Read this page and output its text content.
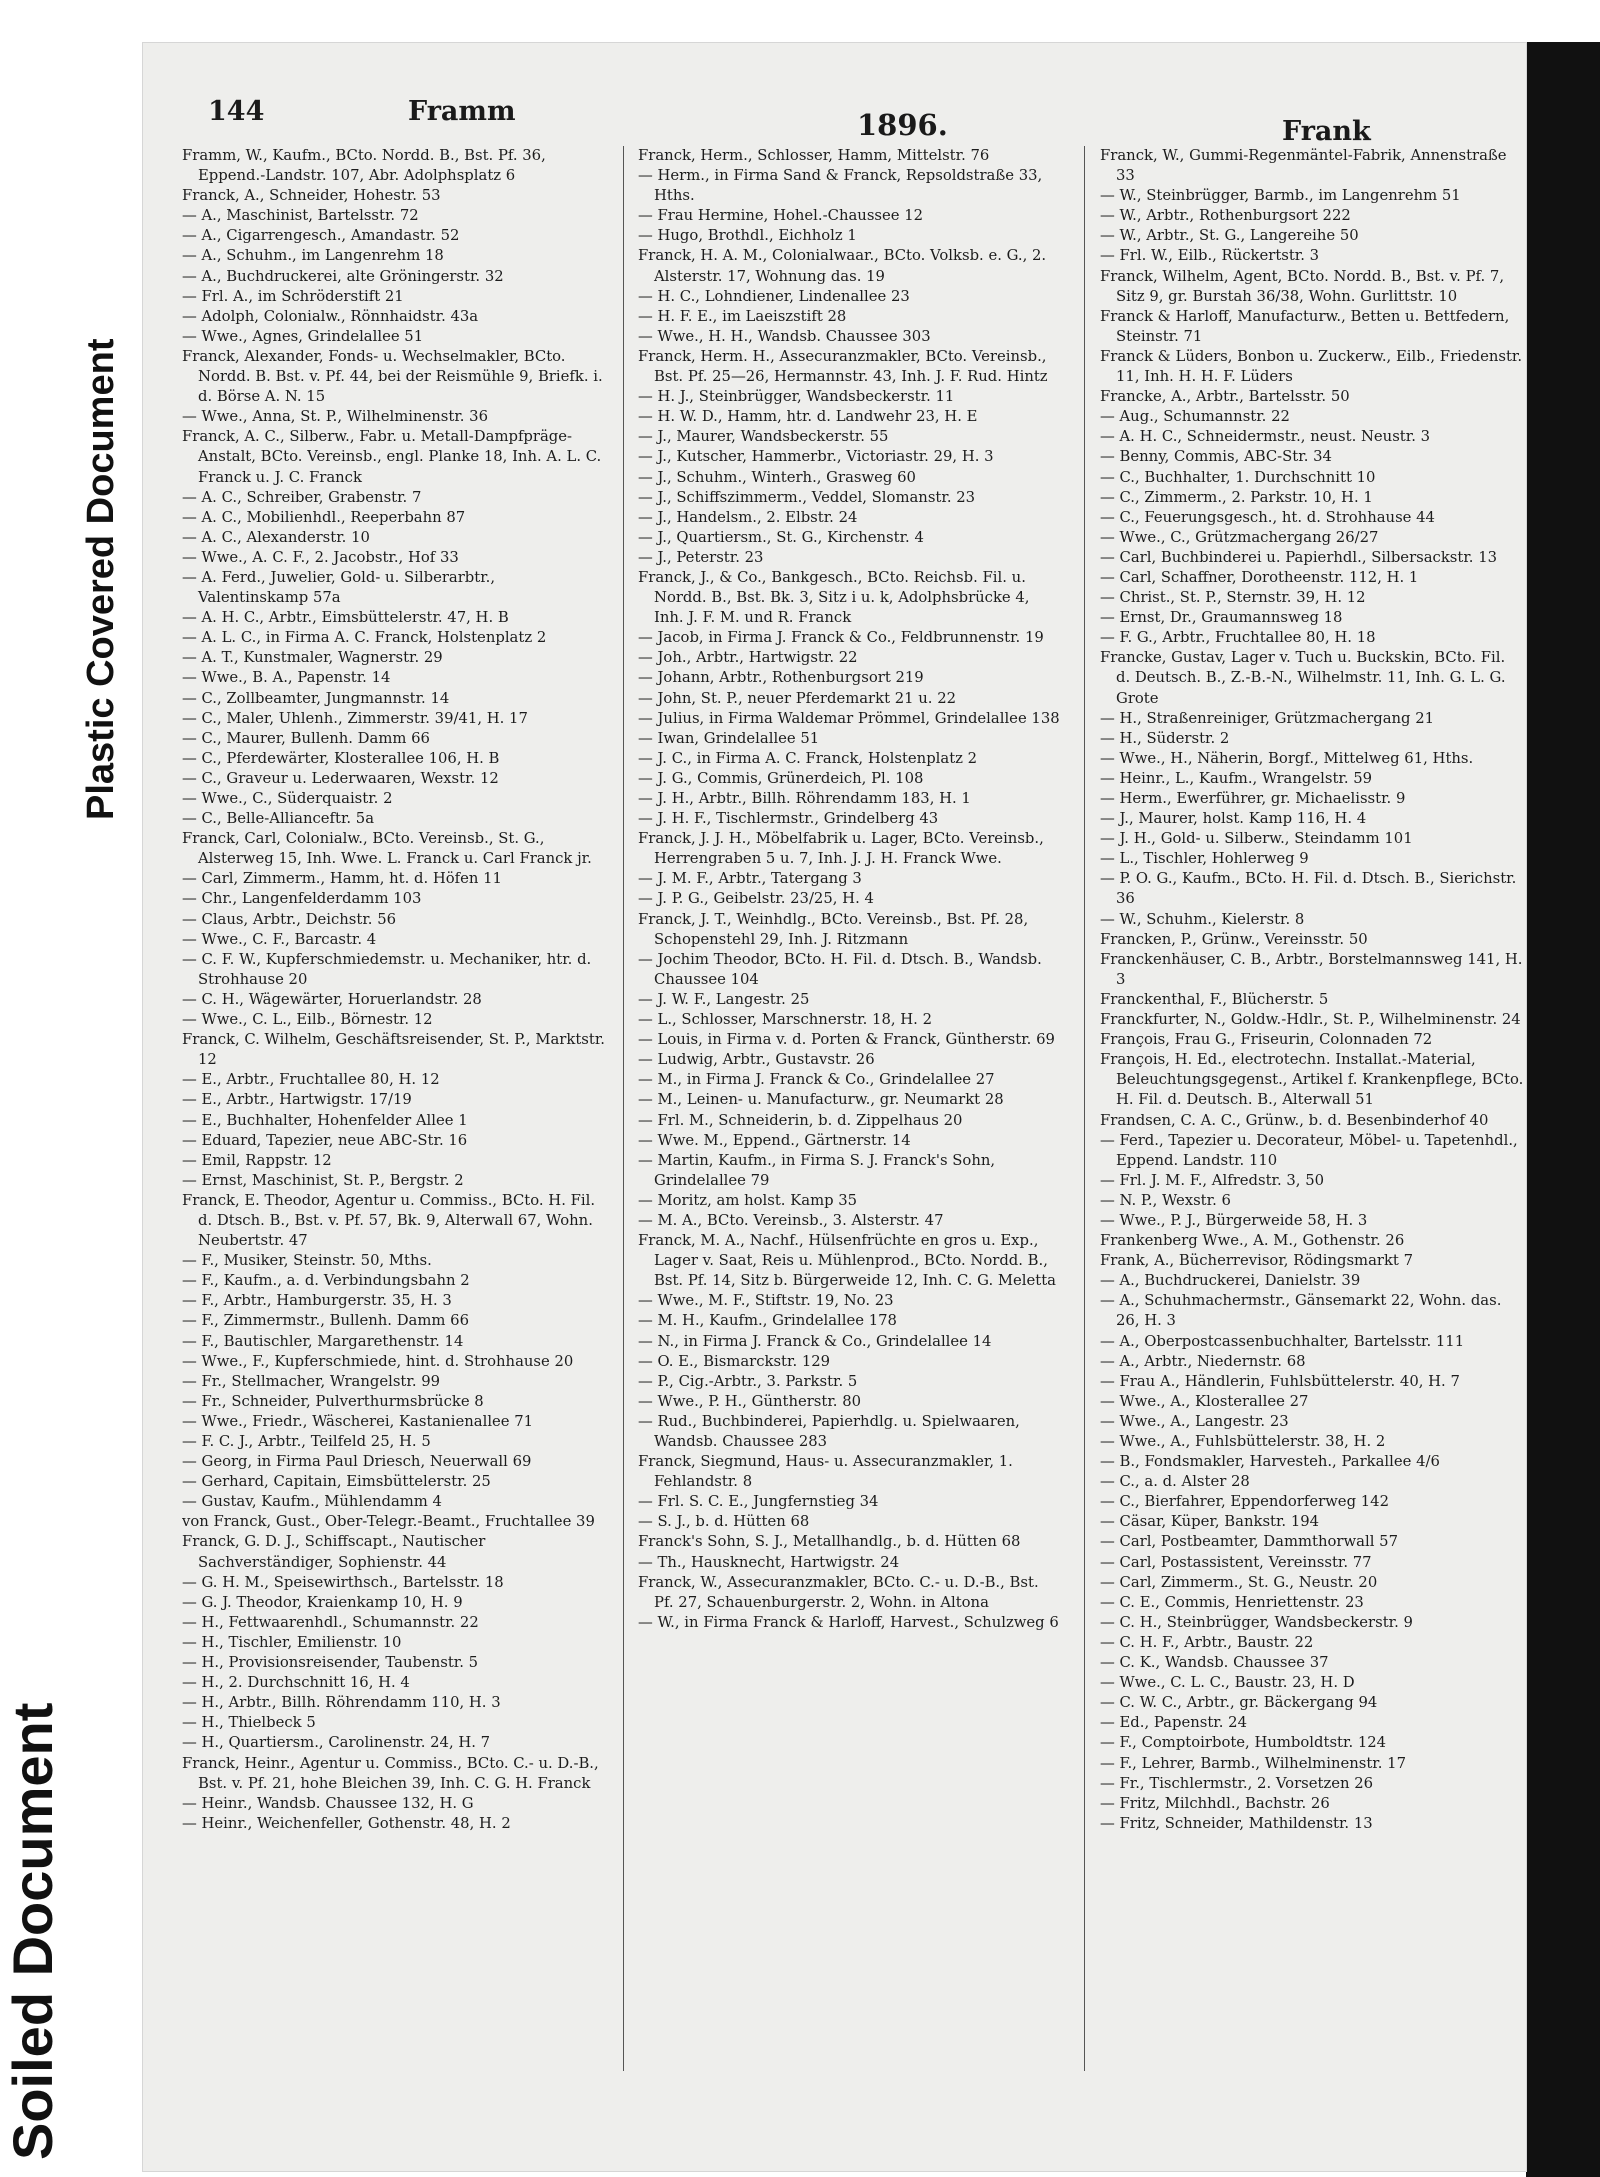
Soiled Document
Plastic Covered Document
144	Framm	1896.	Frank

Framm, W., Kaufm., BCto. Nordd. B., Bst. Pf. 36, Eppend.-Landstr. 107, Abr. Adolphsplatz 6

Franck, A., Schneider, Hohestr. 53

— A., Maschinist, Bartelsstr. 72

— A., Cigarrengesch., Amandastr. 52

— A., Schuhm., im Langenrehm 18

— A., Buchdruckerei, alte Gröningerstr. 32

— Frl. A., im Schröderstift 21

— Adolph, Colonialw., Rönnhaidstr. 43a

— Wwe., Agnes, Grindelallee 51

Franck, Alexander, Fonds- u. Wechselmakler, BCto. Nordd. B. Bst. v. Pf. 44, bei der Reismühle 9, Briefk. i. d. Börse A. N. 15

— Wwe., Anna, St. P., Wilhelminenstr. 36

Franck, A. C., Silberw., Fabr. u. Metall-Dampfpräge-Anstalt, BCto. Vereinsb., engl. Planke 18, Inh. A. L. C. Franck u. J. C. Franck

— A. C., Schreiber, Grabenstr. 7

— A. C., Mobilienhdl., Reeperbahn 87

— A. C., Alexanderstr. 10

— Wwe., A. C. F., 2. Jacobstr., Hof 33

— A. Ferd., Juwelier, Gold- u. Silberarbtr., Valentinskamp 57a

— A. H. C., Arbtr., Eimsbüttelerstr. 47, H. B

— A. L. C., in Firma A. C. Franck, Holstenplatz 2

— A. T., Kunstmaler, Wagnerstr. 29

— Wwe., B. A., Papenstr. 14

— C., Zollbeamter, Jungmannstr. 14

— C., Maler, Uhlenh., Zimmerstr. 39/41, H. 17

— C., Maurer, Bullenh. Damm 66

— C., Pferdewärter, Klosterallee 106, H. B

— C., Graveur u. Lederwaaren, Wexstr. 12

— Wwe., C., Süderquaistr. 2

— C., Belle-Allianceftr. 5a

Franck, Carl, Colonialw., BCto. Vereinsb., St. G., Alsterweg 15, Inh. Wwe. L. Franck u. Carl Franck jr.

— Carl, Zimmerm., Hamm, ht. d. Höfen 11

— Chr., Langenfelderdamm 103

— Claus, Arbtr., Deichstr. 56

— Wwe., C. F., Barcastr. 4

— C. F. W., Kupferschmiedemstr. u. Mechaniker, htr. d. Strohhause 20

— C. H., Wägewärter, Horuerlandstr. 28

— Wwe., C. L., Eilb., Börnestr. 12

Franck, C. Wilhelm, Geschäftsreisender, St. P., Marktstr. 12

— E., Arbtr., Fruchtallee 80, H. 12

— E., Arbtr., Hartwigstr. 17/19

— E., Buchhalter, Hohenfelder Allee 1

— Eduard, Tapezier, neue ABC-Str. 16

— Emil, Rappstr. 12

— Ernst, Maschinist, St. P., Bergstr. 2

Franck, E. Theodor, Agentur u. Commiss., BCto. H. Fil. d. Dtsch. B., Bst. v. Pf. 57, Bk. 9, Alterwall 67, Wohn. Neubertstr. 47

— F., Musiker, Steinstr. 50, Mths.

— F., Kaufm., a. d. Verbindungsbahn 2

— F., Arbtr., Hamburgerstr. 35, H. 3

— F., Zimmermstr., Bullenh. Damm 66

— F., Bautischler, Margarethenstr. 14

— Wwe., F., Kupferschmiede, hint. d. Strohhause 20

— Fr., Stellmacher, Wrangelstr. 99

— Fr., Schneider, Pulverthurmsbrücke 8

— Wwe., Friedr., Wäscherei, Kastanienallee 71

— F. C. J., Arbtr., Teilfeld 25, H. 5

— Georg, in Firma Paul Driesch, Neuerwall 69

— Gerhard, Capitain, Eimsbüttelerstr. 25

— Gustav, Kaufm., Mühlendamm 4

von Franck, Gust., Ober-Telegr.-Beamt., Fruchtallee 39

Franck, G. D. J., Schiffscapt., Nautischer Sachverständiger, Sophienstr. 44

— G. H. M., Speisewirthsch., Bartelsstr. 18

— G. J. Theodor, Kraienkamp 10, H. 9

— H., Fettwaarenhdl., Schumannstr. 22

— H., Tischler, Emilienstr. 10

— H., Provisionsreisender, Taubenstr. 5

— H., 2. Durchschnitt 16, H. 4

— H., Arbtr., Billh. Röhrendamm 110, H. 3

— H., Thielbeck 5

— H., Quartiersm., Carolinenstr. 24, H. 7

Franck, Heinr., Agentur u. Commiss., BCto. C.- u. D.-B., Bst. v. Pf. 21, hohe Bleichen 39, Inh. C. G. H. Franck

— Heinr., Wandsb. Chaussee 132, H. G

— Heinr., Weichenfeller, Gothenstr. 48, H. 2

Franck, Herm., Schlosser, Hamm, Mittelstr. 76

— Herm., in Firma Sand & Franck, Repsoldstraße 33, Hths.

— Frau Hermine, Hohel.-Chaussee 12

— Hugo, Brothdl., Eichholz 1

Franck, H. A. M., Colonialwaar., BCto. Volksb. e. G., 2. Alsterstr. 17, Wohnung das. 19

— H. C., Lohndiener, Lindenallee 23

— H. F. E., im Laeiszstift 28

— Wwe., H. H., Wandsb. Chaussee 303

Franck, Herm. H., Assecuranzmakler, BCto. Vereinsb., Bst. Pf. 25—26, Hermannstr. 43, Inh. J. F. Rud. Hintz

— H. J., Steinbrügger, Wandsbeckerstr. 11

— H. W. D., Hamm, htr. d. Landwehr 23, H. E

— J., Maurer, Wandsbeckerstr. 55

— J., Kutscher, Hammerbr., Victoriastr. 29, H. 3

— J., Schuhm., Winterh., Grasweg 60

— J., Schiffszimmerm., Veddel, Slomanstr. 23

— J., Handelsm., 2. Elbstr. 24

— J., Quartiersm., St. G., Kirchenstr. 4

— J., Peterstr. 23

Franck, J., & Co., Bankgesch., BCto. Reichsb. Fil. u. Nordd. B., Bst. Bk. 3, Sitz i u. k, Adolphsbrücke 4, Inh. J. F. M. und R. Franck

— Jacob, in Firma J. Franck & Co., Feldbrunnenstr. 19

— Joh., Arbtr., Hartwigstr. 22

— Johann, Arbtr., Rothenburgsort 219

— John, St. P., neuer Pferdemarkt 21 u. 22

— Julius, in Firma Waldemar Prömmel, Grindelallee 138

— Iwan, Grindelallee 51

— J. C., in Firma A. C. Franck, Holstenplatz 2

— J. G., Commis, Grünerdeich, Pl. 108

— J. H., Arbtr., Billh. Röhrendamm 183, H. 1

— J. H. F., Tischlermstr., Grindelberg 43

Franck, J. J. H., Möbelfabrik u. Lager, BCto. Vereinsb., Herrengraben 5 u. 7, Inh. J. J. H. Franck Wwe.

— J. M. F., Arbtr., Tatergang 3

— J. P. G., Geibelstr. 23/25, H. 4

Franck, J. T., Weinhdlg., BCto. Vereinsb., Bst. Pf. 28, Schopenstehl 29, Inh. J. Ritzmann

— Jochim Theodor, BCto. H. Fil. d. Dtsch. B., Wandsb. Chaussee 104

— J. W. F., Langestr. 25

— L., Schlosser, Marschnerstr. 18, H. 2

— Louis, in Firma v. d. Porten & Franck, Güntherstr. 69

— Ludwig, Arbtr., Gustavstr. 26

— M., in Firma J. Franck & Co., Grindelallee 27

— M., Leinen- u. Manufacturw., gr. Neumarkt 28

— Frl. M., Schneiderin, b. d. Zippelhaus 20

— Wwe. M., Eppend., Gärtnerstr. 14

— Martin, Kaufm., in Firma S. J. Franck's Sohn, Grindelallee 79

— Moritz, am holst. Kamp 35

— M. A., BCto. Vereinsb., 3. Alsterstr. 47

Franck, M. A., Nachf., Hülsenfrüchte en gros u. Exp., Lager v. Saat, Reis u. Mühlenprod., BCto. Nordd. B., Bst. Pf. 14, Sitz b. Bürgerweide 12, Inh. C. G. Meletta

— Wwe., M. F., Stiftstr. 19, No. 23

— M. H., Kaufm., Grindelallee 178

— N., in Firma J. Franck & Co., Grindelallee 14

— O. E., Bismarckstr. 129

— P., Cig.-Arbtr., 3. Parkstr. 5

— Wwe., P. H., Güntherstr. 80

— Rud., Buchbinderei, Papierhdlg. u. Spielwaaren, Wandsb. Chaussee 283

Franck, Siegmund, Haus- u. Assecuranzmakler, 1. Fehlandstr. 8

— Frl. S. C. E., Jungfernstieg 34

— S. J., b. d. Hütten 68

Franck's Sohn, S. J., Metallhandlg., b. d. Hütten 68

— Th., Hausknecht, Hartwigstr. 24

Franck, W., Assecuranzmakler, BCto. C.- u. D.-B., Bst. Pf. 27, Schauenburgerstr. 2, Wohn. in Altona

— W., in Firma Franck & Harloff, Harvest., Schulzweg 6

Franck, W., Gummi-Regenmäntel-Fabrik, Annenstraße 33

— W., Steinbrügger, Barmb., im Langenrehm 51

— W., Arbtr., Rothenburgsort 222

— W., Arbtr., St. G., Langereihe 50

— Frl. W., Eilb., Rückertstr. 3

Franck, Wilhelm, Agent, BCto. Nordd. B., Bst. v. Pf. 7, Sitz 9, gr. Burstah 36/38, Wohn. Gurlittstr. 10

Franck & Harloff, Manufacturw., Betten u. Bettfedern, Steinstr. 71

Franck & Lüders, Bonbon u. Zuckerw., Eilb., Friedenstr. 11, Inh. H. H. F. Lüders

Francke, A., Arbtr., Bartelsstr. 50

— Aug., Schumannstr. 22

— A. H. C., Schneidermstr., neust. Neustr. 3

— Benny, Commis, ABC-Str. 34

— C., Buchhalter, 1. Durchschnitt 10

— C., Zimmerm., 2. Parkstr. 10, H. 1

— C., Feuerungsgesch., ht. d. Strohhause 44

— Wwe., C., Grützmachergang 26/27

— Carl, Buchbinderei u. Papierhdl., Silbersackstr. 13

— Carl, Schaffner, Dorotheenstr. 112, H. 1

— Christ., St. P., Sternstr. 39, H. 12

— Ernst, Dr., Graumannsweg 18

— F. G., Arbtr., Fruchtallee 80, H. 18

Francke, Gustav, Lager v. Tuch u. Buckskin, BCto. Fil. d. Deutsch. B., Z.-B.-N., Wilhelmstr. 11, Inh. G. L. G. Grote

— H., Straßenreiniger, Grützmachergang 21

— H., Süderstr. 2

— Wwe., H., Näherin, Borgf., Mittelweg 61, Hths.

— Heinr., L., Kaufm., Wrangelstr. 59

— Herm., Ewerführer, gr. Michaelisstr. 9

— J., Maurer, holst. Kamp 116, H. 4

— J. H., Gold- u. Silberw., Steindamm 101

— L., Tischler, Hohlerweg 9

— P. O. G., Kaufm., BCto. H. Fil. d. Dtsch. B., Sierichstr. 36

— W., Schuhm., Kielerstr. 8

Francken, P., Grünw., Vereinsstr. 50

Franckenhäuser, C. B., Arbtr., Borstelmannsweg 141, H. 3

Franckenthal, F., Blücherstr. 5

Franckfurter, N., Goldw.-Hdlr., St. P., Wilhelminenstr. 24

François, Frau G., Friseurin, Colonnaden 72

François, H. Ed., electrotechn. Installat.-Material, Beleuchtungsgegenst., Artikel f. Krankenpflege, BCto. H. Fil. d. Deutsch. B., Alterwall 51

Frandsen, C. A. C., Grünw., b. d. Besenbinderhof 40

— Ferd., Tapezier u. Decorateur, Möbel- u. Tapetenhdl., Eppend. Landstr. 110

— Frl. J. M. F., Alfredstr. 3, 50

— N. P., Wexstr. 6

— Wwe., P. J., Bürgerweide 58, H. 3

Frankenberg Wwe., A. M., Gothenstr. 26

Frank, A., Bücherrevisor, Rödingsmarkt 7

— A., Buchdruckerei, Danielstr. 39

— A., Schuhmachermstr., Gänsemarkt 22, Wohn. das. 26, H. 3

— A., Oberpostcassenbuchhalter, Bartelsstr. 111

— A., Arbtr., Niedernstr. 68

— Frau A., Händlerin, Fuhlsbüttelerstr. 40, H. 7

— Wwe., A., Klosterallee 27

— Wwe., A., Langestr. 23

— Wwe., A., Fuhlsbüttelerstr. 38, H. 2

— B., Fondsmakler, Harvesteh., Parkallee 4/6

— C., a. d. Alster 28

— C., Bierfahrer, Eppendorferweg 142

— Cäsar, Küper, Bankstr. 194

— Carl, Postbeamter, Dammthorwall 57

— Carl, Postassistent, Vereinsstr. 77

— Carl, Zimmerm., St. G., Neustr. 20

— C. E., Commis, Henriettenstr. 23

— C. H., Steinbrügger, Wandsbeckerstr. 9

— C. H. F., Arbtr., Baustr. 22

— C. K., Wandsb. Chaussee 37

— Wwe., C. L. C., Baustr. 23, H. D

— C. W. C., Arbtr., gr. Bäckergang 94

— Ed., Papenstr. 24

— F., Comptoirbote, Humboldtstr. 124

— F., Lehrer, Barmb., Wilhelminenstr. 17

— Fr., Tischlermstr., 2. Vorsetzen 26

— Fritz, Milchhdl., Bachstr. 26

— Fritz, Schneider, Mathildenstr. 13
